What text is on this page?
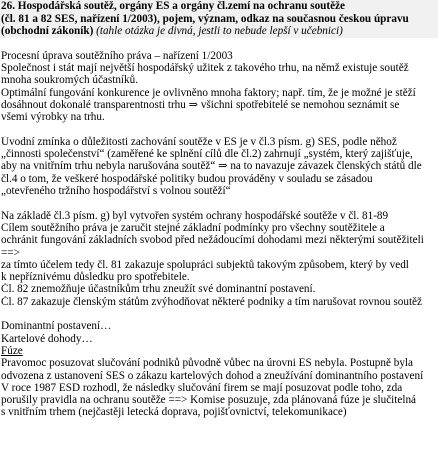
26. Hospodářská soutěž, orgány ES a orgány čl.zemí na ochranu soutěže
(čl. 81 a 82 SES, nařízení 1/2003), pojem, význam, odkaz na současnou českou úpravu
(obchodní zákoník) (tahle otázka je divná, jestli to nebude lepší v učebnici)
Procesní úprava soutěžního práva – nařízení 1/2003
Společnost i stát mají největší hospodářský užitek z takového trhu, na němž existuje soutěž
mnoha soukromých účastníků.
Optimální fungování konkurence je ovlivněno mnoha faktory; např. tím, že je možné je stěží
dosáhnout dokonalé transparentnosti trhu ⇒ všichni spotřebitelé se nemohou seznámit se
všemi výrobky na trhu.
Úvodní zmínka o důležitosti zachování soutěže v ES je v čl.3 písm. g) SES, podle něhož
„činnosti společenství“ (zaměřené ke splnění cílů dle čl.2) zahrnují „systém, který zajišťuje,
aby na vnitřním trhu nebyla narušována soutěž“ ⇒ na to navazuje závazek členských států dle
čl.4 o tom, že veškeré hospodářské politiky budou prováděny v souladu se zásadou
„otevřeného tržního hospodářství s volnou soutěží“
Na základě čl.3 písm. g) byl vytvořen systém ochrany hospodářské soutěže v čl. 81-89
Cílem soutěžního práva je zaručit stejné základní podmínky pro všechny soutěžitele a
ochránit fungování základních svobod před nežádoucími dohodami mezi některými soutěžiteli
==>
za tímto účelem tedy čl. 81 zakazuje spolupráci subjektů takovým způsobem, který by vedl
k nepříznivému důsledku pro spotřebitele.
Čl. 82 znemožňuje účastníkům trhu zneužít své dominantní postavení.
Čl. 87 zakazuje členským státům zvýhodňovat některé podniky a tím narušovat rovnou soutěž
Dominantní postavení…
Kartelové dohody…
Fúze
Pravomoc posuzovat slučování podniků původně vůbec na úrovni ES nebyla. Postupně byla
odvozena z ustanovení SES o zákazu kartelových dohod a zneužívání dominantního postavení
V roce 1987 ESD rozhodl, že následky slučování firem se mají posuzovat podle toho, zda
porušily pravidla na ochranu soutěže ==> Komise posuzuje, zda plánovaná fúze je slučitelná
s vnitřním trhem (nejčastěji letecká doprava, pojišťovnictví, telekomunikace)
